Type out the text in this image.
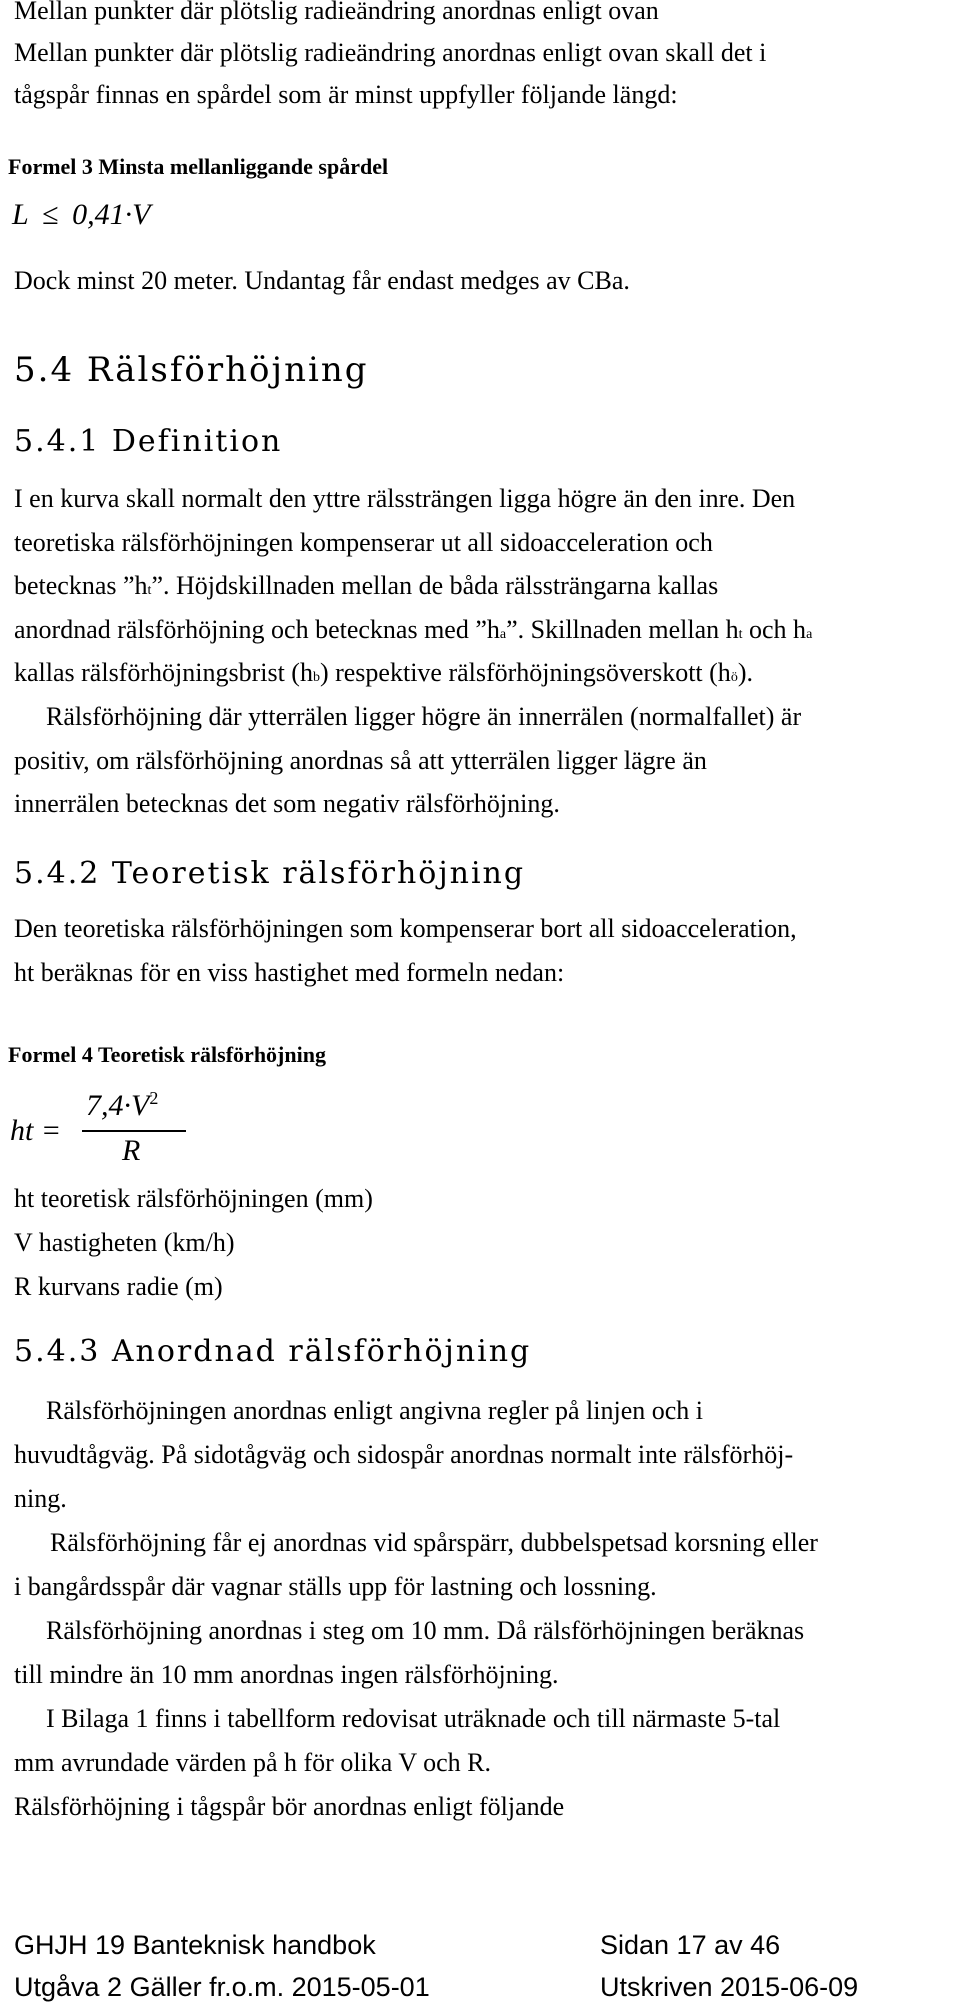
Mellan punkter där plötslig radieändring anordnas enligt ovan
Mellan punkter där plötslig radieändring anordnas enligt ovan skall det i
tågspår finnas en spårdel som är minst uppfyller följande längd:
Formel 3 Minsta mellanliggande spårdel
L ≤ 0,41·V
Dock minst 20 meter. Undantag får endast medges av CBa.
5.4 Rälsförhöjning
5.4.1 Definition
I en kurva skall normalt den yttre rälssträngen ligga högre än den inre. Den
teoretiska rälsförhöjningen kompenserar ut all sidoacceleration och
betecknas ”ht”. Höjdskillnaden mellan de båda rälssträngarna kallas
anordnad rälsförhöjning och betecknas med ”ha”. Skillnaden mellan ht och ha
kallas rälsförhöjningsbrist (hb) respektive rälsförhöjningsöverskott (hö).
Rälsförhöjning där ytterrälen ligger högre än innerrälen (normalfallet) är
positiv, om rälsförhöjning anordnas så att ytterrälen ligger lägre än
innerrälen betecknas det som negativ rälsförhöjning.
5.4.2 Teoretisk rälsförhöjning
Den teoretiska rälsförhöjningen som kompenserar bort all sidoacceleration,
ht beräknas för en viss hastighet med formeln nedan:
Formel 4 Teoretisk rälsförhöjning
ht =
$7,4\cdot V^2$
R
ht teoretisk rälsförhöjningen (mm)
V hastigheten (km/h)
R kurvans radie (m)
5.4.3 Anordnad rälsförhöjning
Rälsförhöjningen anordnas enligt angivna regler på linjen och i
huvudtågväg. På sidotågväg och sidospår anordnas normalt inte rälsförhöj-
ning.
Rälsförhöjning får ej anordnas vid spårspärr, dubbelspetsad korsning eller
i bangårdsspår där vagnar ställs upp för lastning och lossning.
Rälsförhöjning anordnas i steg om 10 mm. Då rälsförhöjningen beräknas
till mindre än 10 mm anordnas ingen rälsförhöjning.
I Bilaga 1 finns i tabellform redovisat uträknade och till närmaste 5-tal
mm avrundade värden på h för olika V och R.
Rälsförhöjning i tågspår bör anordnas enligt följande
GHJH 19 Banteknisk handbok	Sidan 17 av 46
Utgåva 2 Gäller fr.o.m. 2015-05-01	Utskriven 2015-06-09
